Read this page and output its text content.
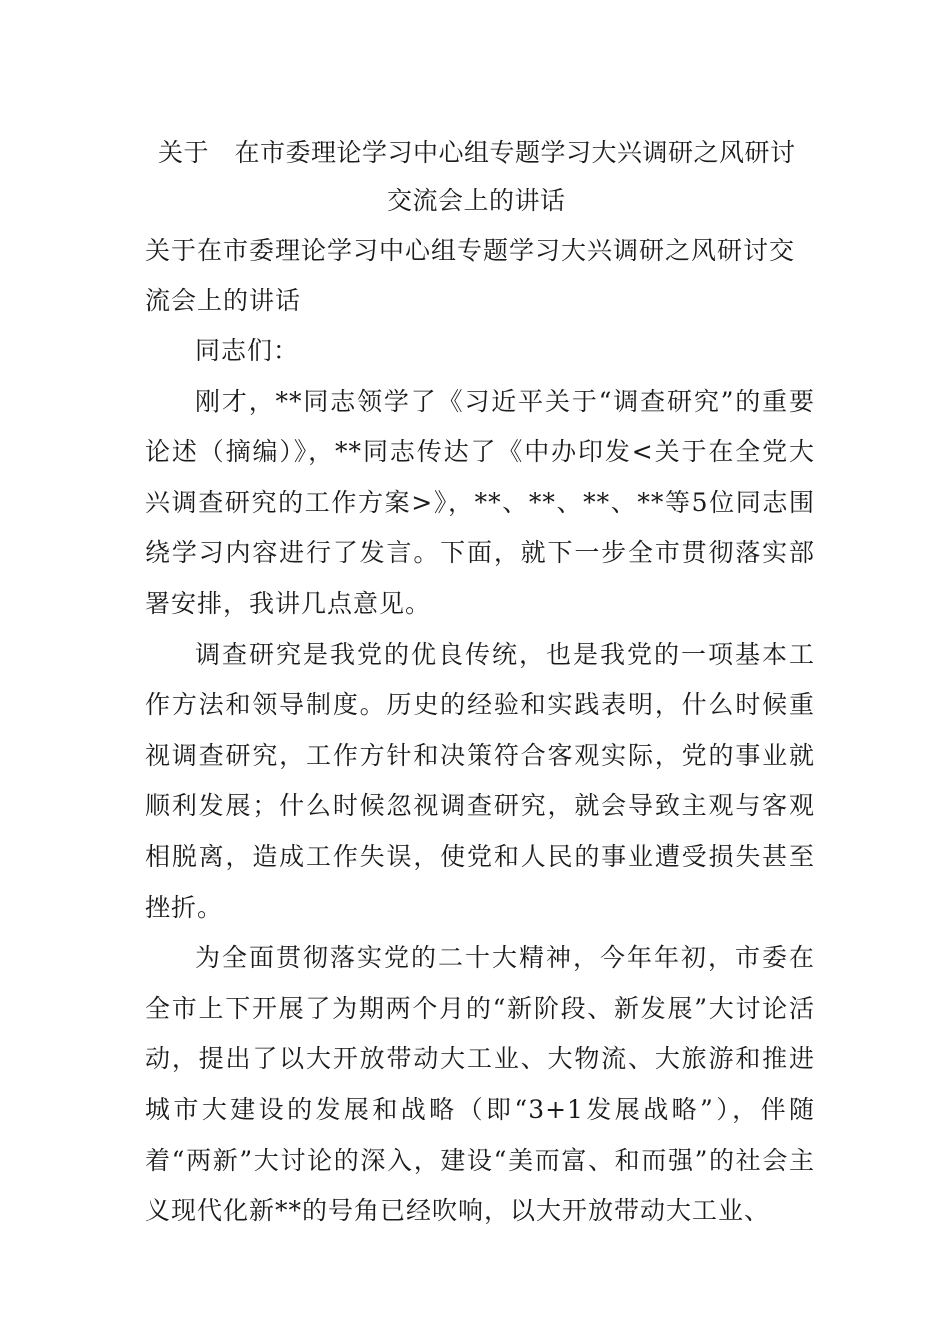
关于　在市委理论学习中心组专题学习大兴调研之风研讨
交流会上的讲话
关于在市委理论学习中心组专题学习大兴调研之风研讨交流会上的讲话

同志们：

刚才，**同志领学了《习近平关于“调查研究”的重要论述（摘编）》，**同志传达了《中办印发<关于在全党大兴调查研究的工作方案>》，**、**、**、**等5位同志围绕学习内容进行了发言。下面，就下一步全市贯彻落实部署安排，我讲几点意见。

调查研究是我党的优良传统，也是我党的一项基本工作方法和领导制度。历史的经验和实践表明，什么时候重视调查研究，工作方针和决策符合客观实际，党的事业就顺利发展；什么时候忽视调查研究，就会导致主观与客观相脱离，造成工作失误，使党和人民的事业遭受损失甚至挫折。

为全面贯彻落实党的二十大精神，今年年初，市委在全市上下开展了为期两个月的“新阶段、新发展”大讨论活动，提出了以大开放带动大工业、大物流、大旅游和推进城市大建设的发展和战略（即“3+1发展战略”），伴随着“两新”大讨论的深入，建设“美而富、和而强”的社会主义现代化新**的号角已经吹响，以大开放带动大工业、
